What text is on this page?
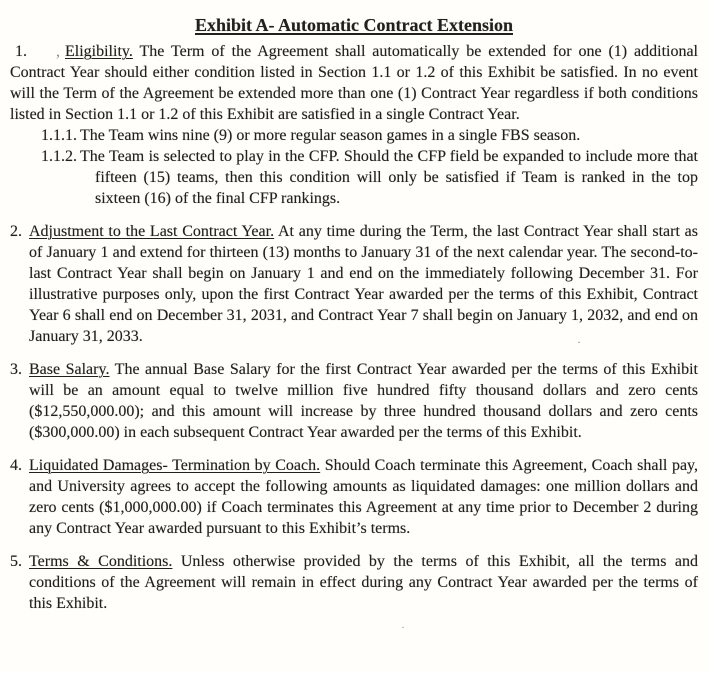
Exhibit A- Automatic Contract Extension

1. , Eligibility. The Term of the Agreement shall automatically be extended for one (1) additional Contract Year should either condition listed in Section 1.1 or 1.2 of this Exhibit be satisfied. In no event will the Term of the Agreement be extended more than one (1) Contract Year regardless if both conditions listed in Section 1.1 or 1.2 of this Exhibit are satisfied in a single Contract Year.

1.1.1. The Team wins nine (9) or more regular season games in a single FBS season.
1.1.2. The Team is selected to play in the CFP. Should the CFP field be expanded to include more that fifteen (15) teams, then this condition will only be satisfied if Team is ranked in the top sixteen (16) of the final CFP rankings.
2. Adjustment to the Last Contract Year. At any time during the Term, the last Contract Year shall start as of January 1 and extend for thirteen (13) months to January 31 of the next calendar year. The second-to-last Contract Year shall begin on January 1 and end on the immediately following December 31. For illustrative purposes only, upon the first Contract Year awarded per the terms of this Exhibit, Contract Year 6 shall end on December 31, 2031, and Contract Year 7 shall begin on January 1, 2032, and end on January 31, 2033.
3. Base Salary. The annual Base Salary for the first Contract Year awarded per the terms of this Exhibit will be an amount equal to twelve million five hundred fifty thousand dollars and zero cents ($12,550,000.00); and this amount will increase by three hundred thousand dollars and zero cents ($300,000.00) in each subsequent Contract Year awarded per the terms of this Exhibit.
4. Liquidated Damages- Termination by Coach. Should Coach terminate this Agreement, Coach shall pay, and University agrees to accept the following amounts as liquidated damages: one million dollars and zero cents ($1,000,000.00) if Coach terminates this Agreement at any time prior to December 2 during any Contract Year awarded pursuant to this Exhibit’s terms.
5. Terms & Conditions. Unless otherwise provided by the terms of this Exhibit, all the terms and conditions of the Agreement will remain in effect during any Contract Year awarded per the terms of this Exhibit.
·
·
